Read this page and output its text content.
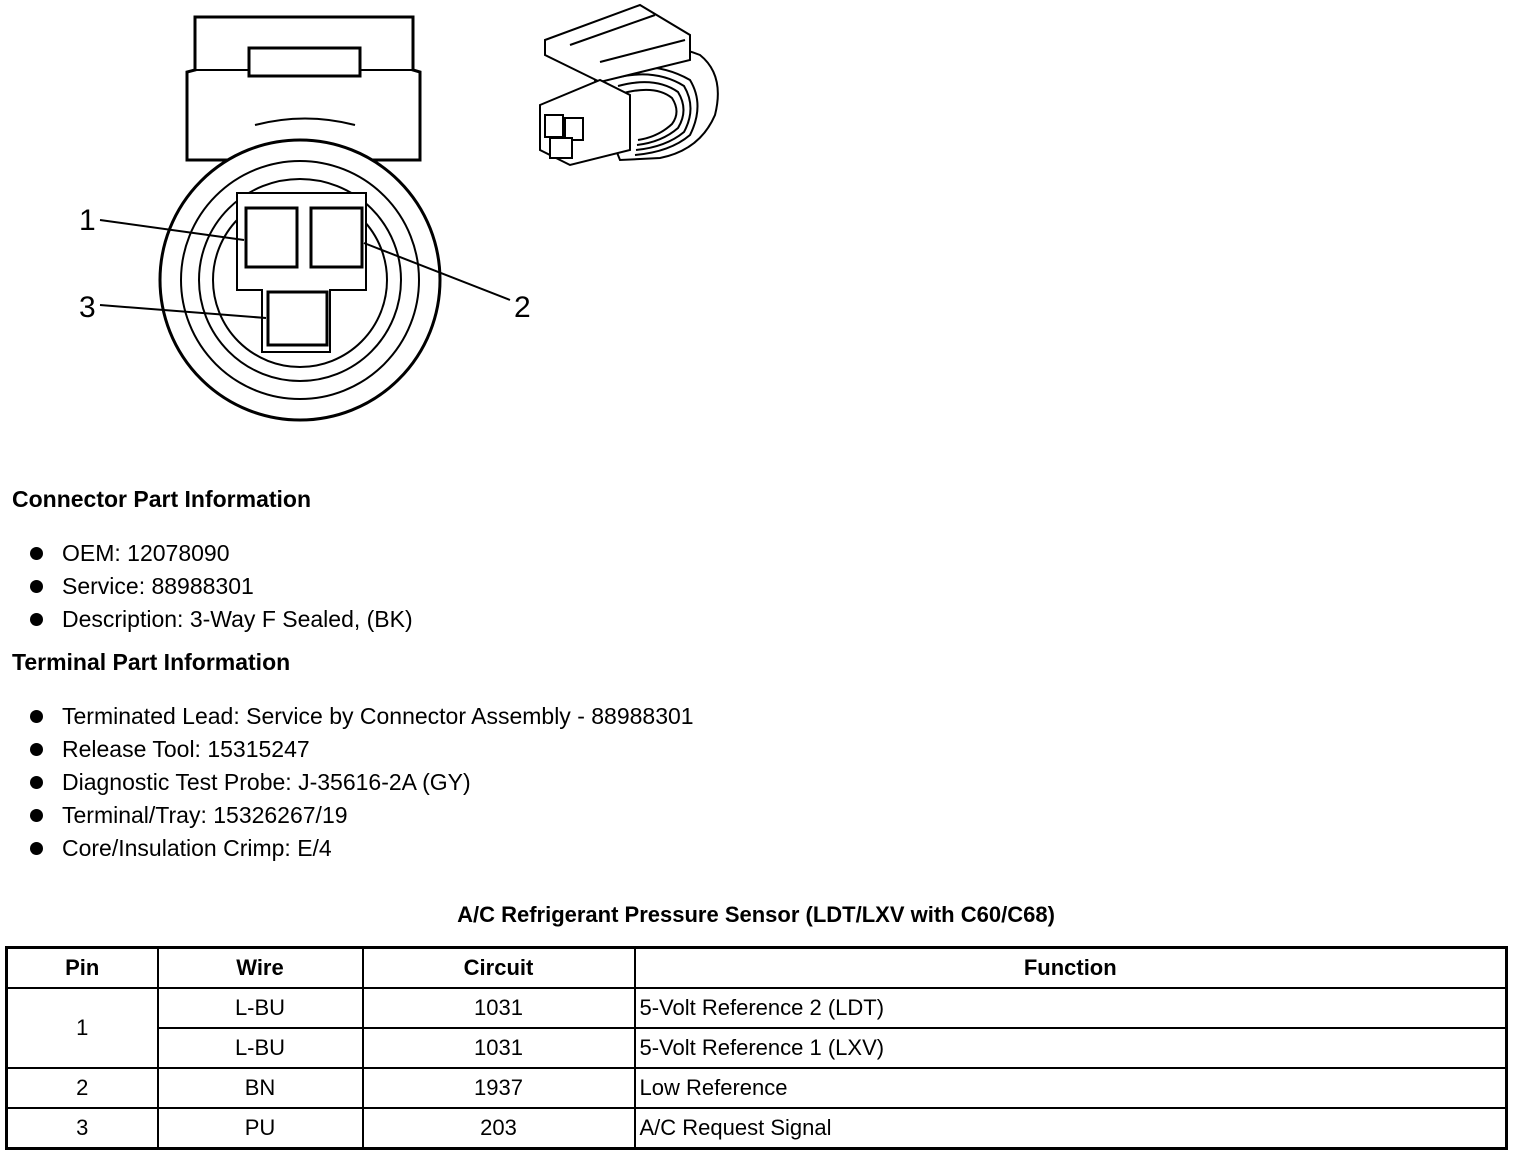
1
2
3
Connector Part Information
OEM: 12078090
Service: 88988301
Description: 3-Way F Sealed, (BK)
Terminal Part Information
Terminated Lead: Service by Connector Assembly - 88988301
Release Tool: 15315247
Diagnostic Test Probe: J-35616-2A (GY)
Terminal/Tray: 15326267/19
Core/Insulation Crimp: E/4
A/C Refrigerant Pressure Sensor (LDT/LXV with C60/C68)
Pin	Wire	Circuit	Function
1	L-BU	1031	5-Volt Reference 2 (LDT)
	L-BU	1031	5-Volt Reference 1 (LXV)
2	BN	1937	Low Reference
3	PU	203	A/C Request Signal
